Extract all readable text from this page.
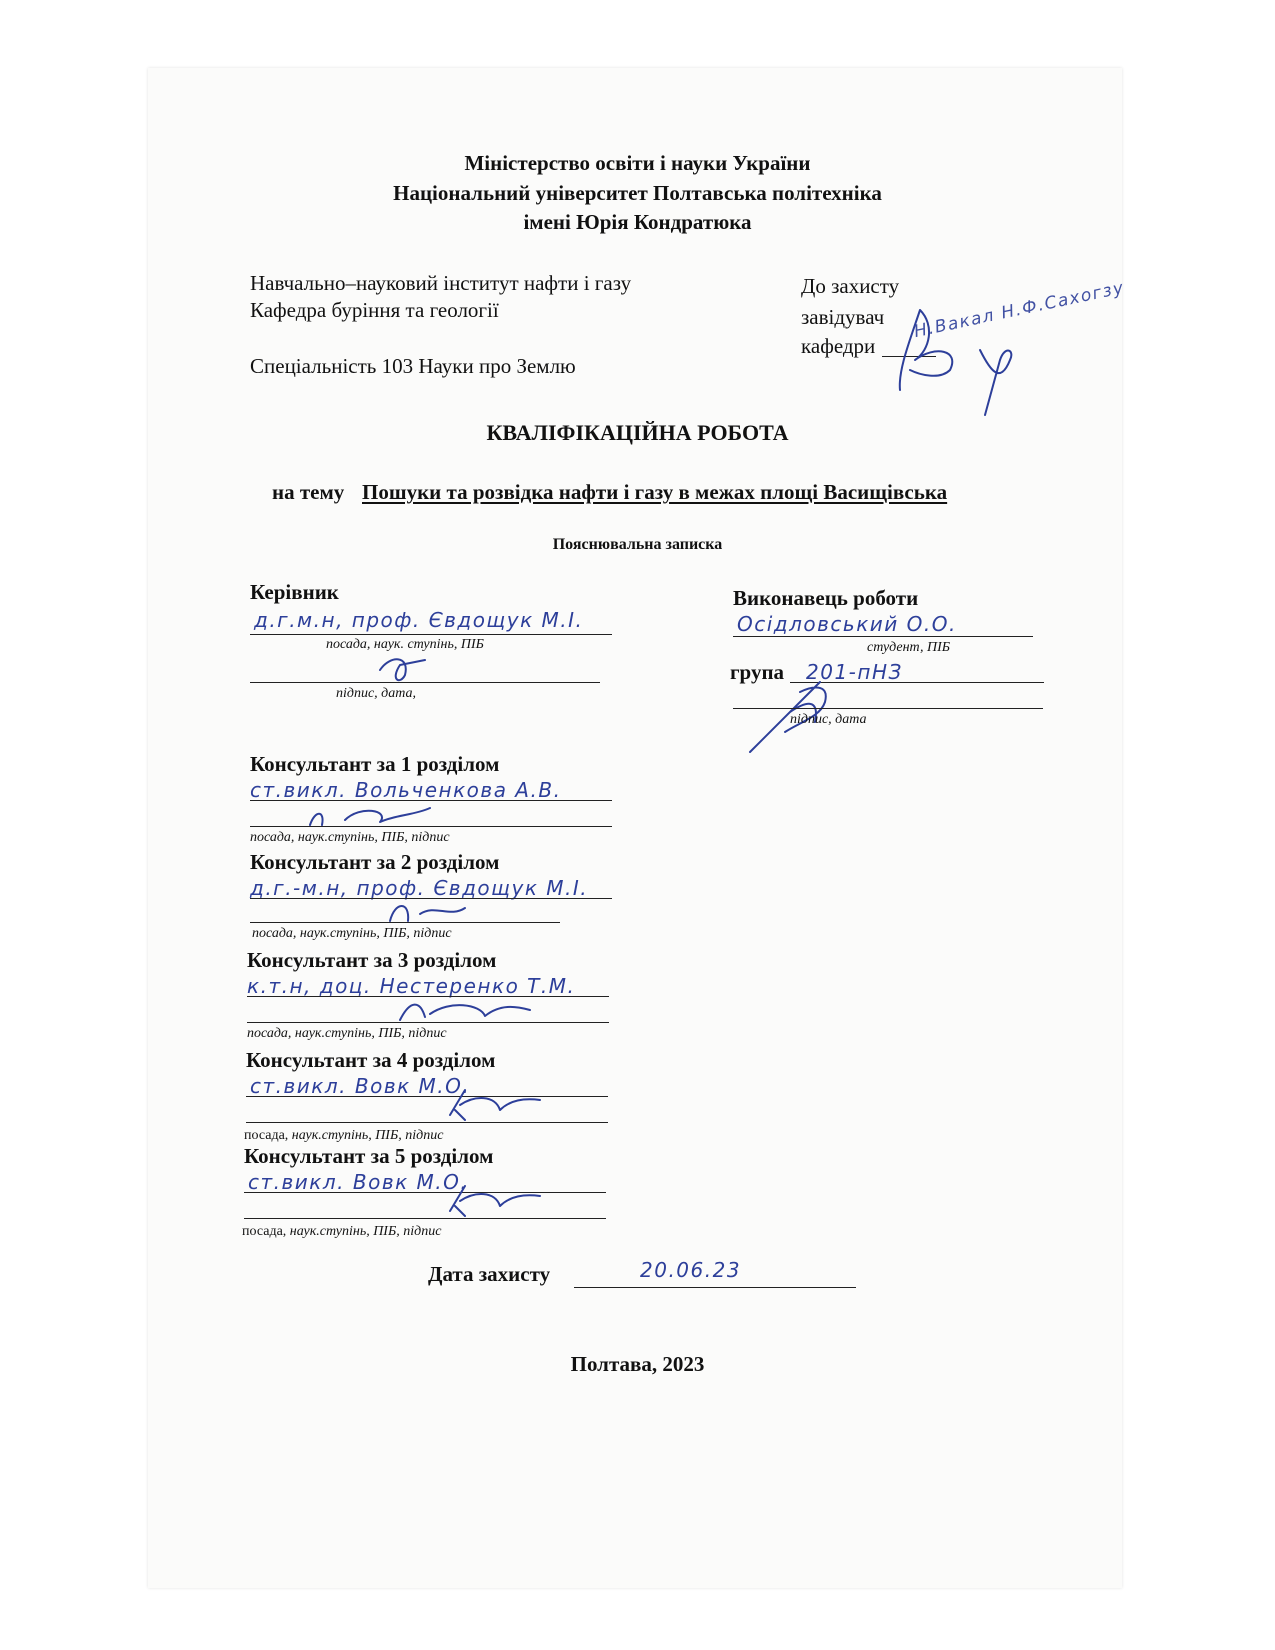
Міністерство освіти і науки України
Національний університет Полтавська політехніка
імені Юрія Кондратюка
Навчально–науковий інститут нафти і газу
Кафедра буріння та геології
Спеціальність 103 Науки про Землю
До захисту
завідувач
кафедри
Н.Вакал Н.Ф.Сахогзу
КВАЛІФІКАЦІЙНА РОБОТА
на тему Пошуки та розвідка нафти і газу в межах площі Васищівська
Пояснювальна записка
Керівник
д.г.м.н, проф. Євдощук М.І.
посада, наук. ступінь, ПІБ
підпис, дата,
Виконавець роботи
Осідловський О.О.
студент, ПІБ
група 201-пНЗ
підпис, дата
Консультант за 1 розділом
ст.викл. Вольченкова А.В.
посада, наук.ступінь, ПІБ, підпис
Консультант за 2 розділом
д.г.-м.н, проф. Євдощук М.І.
посада, наук.ступінь, ПІБ, підпис
Консультант за 3 розділом
к.т.н, доц. Нестеренко Т.М.
посада, наук.ступінь, ПІБ, підпис
Консультант за 4 розділом
ст.викл. Вовк М.О.
посада, наук.ступінь, ПІБ, підпис
Консультант за 5 розділом
ст.викл. Вовк М.О.
посада, наук.ступінь, ПІБ, підпис
Дата захисту	20.06.23
Полтава, 2023
